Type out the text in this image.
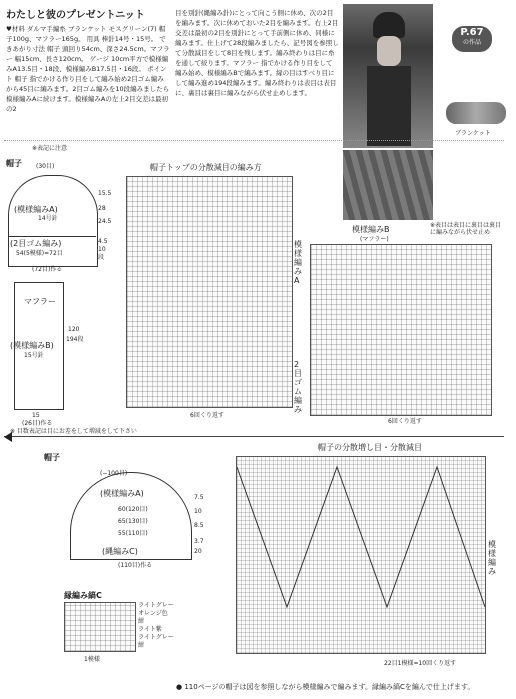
わたしと彼のプレゼントニット
P.67
の作品
ブランケット
♥材料 ダルマ手編糸 ブランケット モスグリーン(7) 帽子100g、マフラー165g。 用具 棒針14号・15号。 できあがり寸法 帽子 頭回り54cm、深さ24.5cm。マフラー 幅15cm、長さ120cm。 ゲージ 10cm平方で模様編みA13.5目・18段、模様編みB17.5目・16段。 ポイント 帽子 指でかける作り目をして編み始め2目ゴム編みから45目に編みます。2目ゴム編みを10段編みましたら模様編みAに続けます。模様編みAの左上2目交差は最初の2
目を別針(縄編み針)にとって向こう側に休め、次の2目を編みます。次に休めておいた2目を編みます。右上2目交差は最初の2目を別針にとって手前側に休め、同様に編みます。仕上げて28段編みましたら、記号図を参照して分散減目をして8目を残します。編み終わりは目に糸を通して絞ります。マフラー 指でかける作り目をして編み始め、模様編みBで編みます。縁の目はすべり目にして編み進め194段編みます。編み終わりは表目は表目に、裏目は裏目に編みながら伏せ止めします。
帽子
※表記に注意
(30目)
(模様編みA)
14号針
(2目ゴム編み)
54(5模様)=72目
(72目)作る
15.5
28
24.5
4.5
10
段
マフラー
(模様編みB)
15号針
120
194段
15
(26目)作る
帽子トップの分散減目の編み方
模様編みA
2目ゴム編み
6回くり返す
模様編みB	※表目は表目に裏目は裏目に編みながら伏せ止め
(マフラー)
6回くり返す
※ 目数表記は目にお差をして増減をして下さい
帽子
(−100目)
(模様編みA)
60(120目)
65(130目)
55(110目)
(縄編みC)
7.5
10
8.5
3.7
20
(110目)作る
帽子の分散増し目・分散減目
模様編み
22目1模様=10回くり返す
縁編み縞C
ライトグレー
オレンジ色
紺
ライト紫
ライトグレー
紺
1模様
● 110ページの帽子は図を参照しながら模様編みで編みます。縁編み縞Cを編んで仕上げます。
